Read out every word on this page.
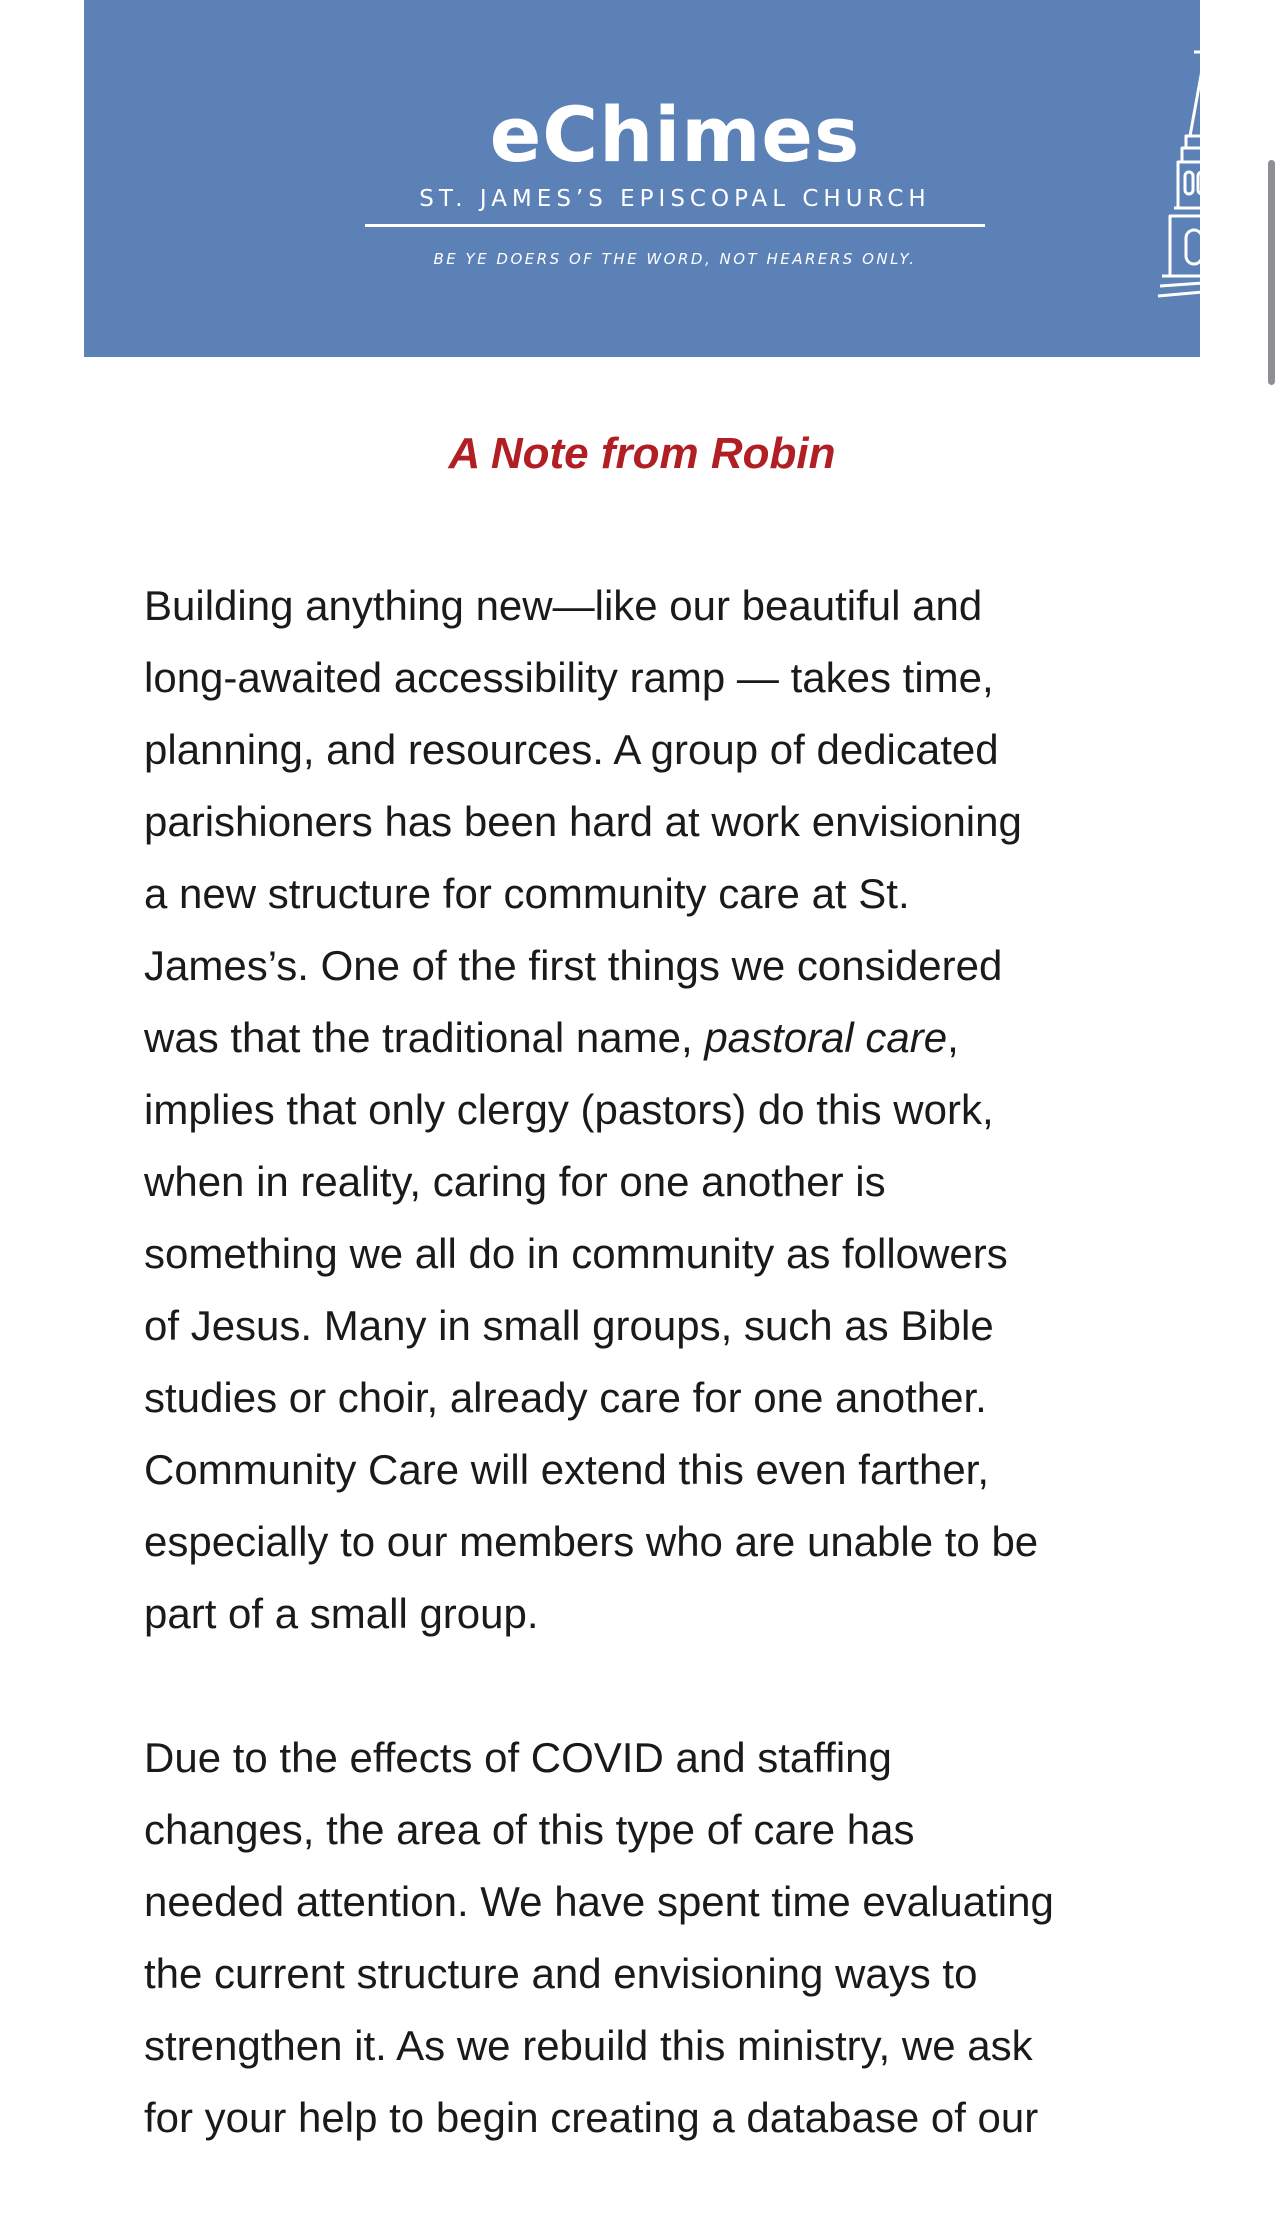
eChimes
ST. JAMES’S EPISCOPAL CHURCH
BE YE DOERS OF THE WORD, NOT HEARERS ONLY.
A Note from Robin
Building anything new—like our beautiful and
long-awaited accessibility ramp — takes time,
planning, and resources. A group of dedicated
parishioners has been hard at work envisioning
a new structure for community care at St.
James’s. One of the first things we considered
was that the traditional name, pastoral care,
implies that only clergy (pastors) do this work,
when in reality, caring for one another is
something we all do in community as followers
of Jesus. Many in small groups, such as Bible
studies or choir, already care for one another.
Community Care will extend this even farther,
especially to our members who are unable to be
part of a small group.
Due to the effects of COVID and staffing
changes, the area of this type of care has
needed attention. We have spent time evaluating
the current structure and envisioning ways to
strengthen it. As we rebuild this ministry, we ask
for your help to begin creating a database of our
